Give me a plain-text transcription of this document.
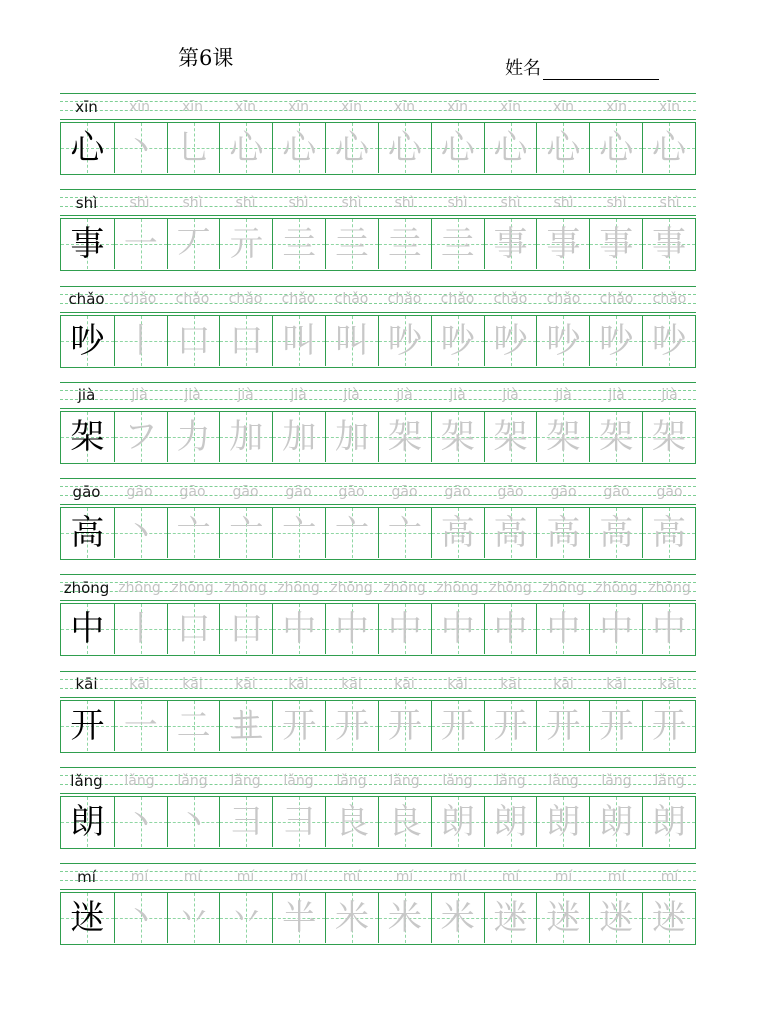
第6课	姓名
xīn	xīn	xīn	xīn	xīn	xīn	xīn	xīn	xīn	xīn	xīn	xīn
心 丶 乚 心 心 心 心 心 心 心 心 心
shì	shì	shì	shì	shì	shì	shì	shì	shì	shì	shì	shì
事 一 丆 亓 亖 亖 亖 亖 事 事 事 事
chǎo	chǎo	chǎo	chǎo	chǎo	chǎo	chǎo	chǎo	chǎo	chǎo	chǎo	chǎo
吵 丨 口 口 叫 叫 吵 吵 吵 吵 吵 吵
jià	jià	jià	jià	jià	jià	jià	jià	jià	jià	jià	jià
架 フ 力 加 加 加 架 架 架 架 架 架
gāo	gāo	gāo	gāo	gāo	gāo	gāo	gāo	gāo	gāo	gāo	gāo
高 丶 亠 亠 亠 亠 亠 高 高 高 高 高
zhōng zhōng zhōng zhōng zhōng zhōng zhōng zhōng zhōng zhōng zhōng zhōng
中 丨 口 口 中 中 中 中 中 中 中 中
kāi	kāi	kāi	kāi	kāi	kāi	kāi	kāi	kāi	kāi	kāi	kāi
开 一 二 𠀎 开 开 开 开 开 开 开 开
lǎng	lǎng	lǎng	lǎng	lǎng	lǎng	lǎng	lǎng	lǎng	lǎng	lǎng	lǎng
朗 丶 丶 彐 彐 良 良 朗 朗 朗 朗 朗
mí	mí	mí	mí	mí	mí	mí	mí	mí	mí	mí	mí
迷 丶 丷 丷 半 米 米 米 迷 迷 迷 迷
